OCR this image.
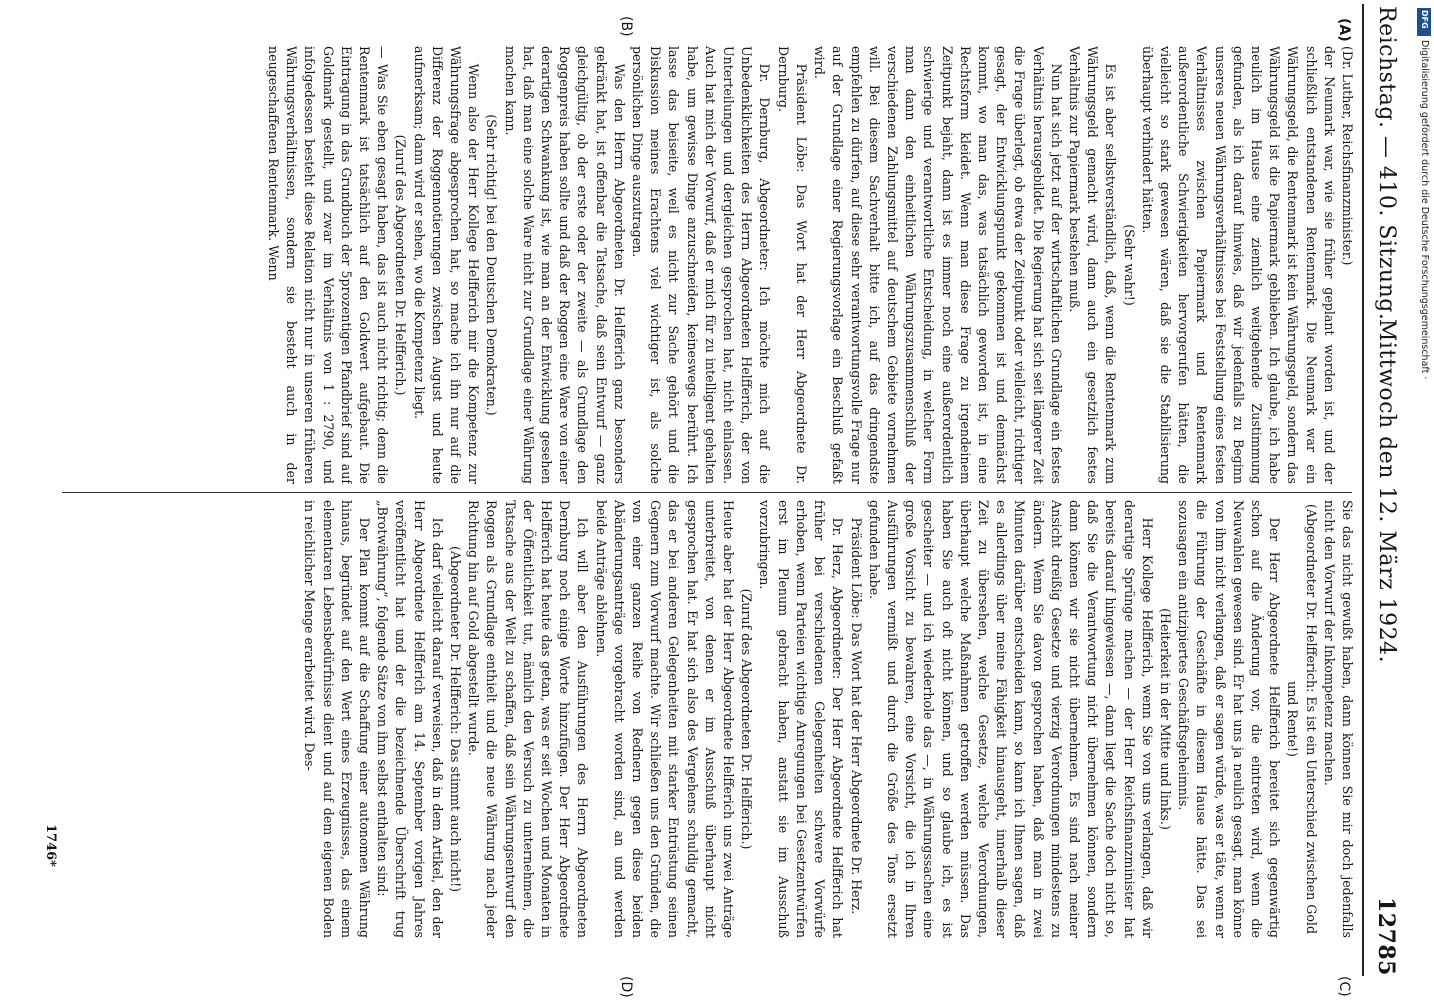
Reichstag. — 410. Sitzung.
Mittwoch den 12. März 1924.
12785
(A)
(B)
(C)
(D)

(Dr. Luther, Reichsfinanzminister.)

der Neumark war, wie sie früher geplant worden ist, und der schließlich entstandenen Rentenmark. Die Neumark war ein Währungsgeld, die Rentenmark ist kein Währungsgeld, sondern das Währungsgeld ist die Papiermark geblieben. Ich glaube, ich habe neulich im Hause eine ziemlich weitgehende Zustimmung gefunden, als ich darauf hinwies, daß wir jedenfalls zu Beginn unseres neuen Währungsverhältnisses bei Feststellung eines festen Verhältnisses zwischen Papiermark und Rentenmark außerordentliche Schwierigkeiten hervorgerufen hätten, die vielleicht so stark gewesen wären, daß sie die Stabilisierung überhaupt verhindert hätten.

(Sehr wahr!)

Es ist aber selbstverständlich, daß, wenn die Rentenmark zum Währungsgeld gemacht wird, dann auch ein gesetzlich festes Verhältnis zur Papiermark bestehen muß.

Nun hat sich jetzt auf der wirtschaftlichen Grundlage ein festes Verhältnis herausgebildet. Die Regierung hat sich seit längerer Zeit die Frage überlegt, ob etwa der Zeitpunkt oder vielleicht, richtiger gesagt, der Entwicklungspunkt gekommen ist und demnächst kommt, wo man das, was tatsächlich geworden ist, in eine Rechtsform kleidet. Wenn man diese Frage zu irgendeinem Zeitpunkt bejaht, dann ist es immer noch eine außerordentlich schwierige und verantwortliche Entscheidung, in welcher Form man dann den einheitlichen Währungszusammenschluß der verschiedenen Zahlungsmittel auf deutschem Gebiete vornehmen will. Bei diesem Sachverhalt bitte ich, auf das dringendste empfehlen zu dürfen, auf diese sehr verantwortungsvolle Frage nur auf der Grundlage einer Regierungsvorlage ein Beschluß gefaßt wird.

Präsident Löbe: Das Wort hat der Herr Abgeordnete Dr. Dernburg.

Dr. Dernburg, Abgeordneter: Ich möchte mich auf die Unbedenklichkeiten des Herrn Abgeordneten Helfferich, der von Unterteilungen und dergleichen gesprochen hat, nicht einlassen. Auch hat mich der Vorwurf, daß er mich für zu intelligent gehalten habe, um gewisse Dinge anzuschneiden, keineswegs berührt. Ich lasse das beiseite, weil es nicht zur Sache gehört und die Diskussion meines Erachtens viel wichtiger ist, als solche persönlichen Dinge auszutragen.

Was den Herrn Abgeordneten Dr. Helfferich ganz besonders gekränkt hat, ist offenbar die Tatsache, daß sein Entwurf — ganz gleichgültig, ob der erste oder der zweite — als Grundlage den Roggenpreis haben sollte und daß der Roggen eine Ware von einer derartigen Schwankung ist, wie man an der Entwicklung gesehen hat, daß man eine solche Ware nicht zur Grundlage einer Währung machen kann.

(Sehr richtig! bei den Deutschen Demokraten.)

Wenn also der Herr Kollege Helfferich mir die Kompetenz zur Währungsfrage abgesprochen hat, so mache ich ihn nur auf die Differenz der Roggennotierungen zwischen August und heute aufmerksam; dann wird er sehen, wo die Kompetenz liegt.

(Zuruf des Abgeordneten Dr. Helfferich.)

— Was Sie eben gesagt haben, das ist auch nicht richtig; denn die Rentenmark ist tatsächlich auf den Goldwert aufgebaut. Die Eintragung in das Grundbuch der 5prozentigen Pfandbrief sind auf Goldmark gestellt, und zwar im Verhältnis von 1 : 2790, und infolgedessen besteht diese Relation nicht nur in unseren früheren Währungsverhältnissen, sondern sie besteht auch in der neugeschaffenen Rentenmark. Wenn

Sie das nicht gewußt haben, dann können Sie mir doch jedenfalls nicht den Vorwurf der Inkompetenz machen.

(Abgeordneter Dr. Helfferich: Es ist ein Unterschied zwischen Gold und Rente!)

Der Herr Abgeordnete Helfferich bereitet sich gegenwärtig schon auf die Änderung vor, die eintreten wird, wenn die Neuwahlen gewesen sind. Er hat uns ja neulich gesagt, man könne von ihm nicht verlangen, daß er sagen würde, was er täte, wenn er die Führung der Geschäfte in diesem Hause hätte. Das sei sozusagen ein antizipiertes Geschäftsgeheimnis.

(Heiterkeit in der Mitte und links.)

Herr Kollege Helfferich, wenn Sie von uns verlangen, daß wir derartige Sprünge machen — der Herr Reichsfinanzminister hat bereits darauf hingewiesen —, dann liegt die Sache doch nicht so, daß Sie die Verantwortung nicht übernehmen können, sondern dann können wir sie nicht übernehmen. Es sind nach meiner Ansicht dreißig Gesetze und vierzig Verordnungen mindestens zu ändern. Wenn Sie davon gesprochen haben, daß man in zwei Minuten darüber entscheiden kann, so kann ich Ihnen sagen, daß es allerdings über meine Fähigkeit hinausgeht, innerhalb dieser Zeit zu übersehen, welche Gesetze, welche Verordnungen, überhaupt welche Maßnahmen getroffen werden müssen. Das haben Sie auch oft nicht können, und so glaube ich, es ist gescheiter — und ich wiederhole das —, in Währungssachen eine große Vorsicht zu bewahren, eine Vorsicht, die ich in Ihren Ausführungen vermißt und durch die Größe des Tons ersetzt gefunden habe.

Präsident Löbe: Das Wort hat der Herr Abgeordnete Dr. Herz.

Dr. Herz, Abgeordneter: Der Herr Abgeordnete Helfferich hat früher bei verschiedenen Gelegenheiten schwere Vorwürfe erhoben, wenn Parteien wichtige Anregungen bei Gesetzentwürfen erst im Plenum gebracht haben, anstatt sie im Ausschuß vorzubringen.

(Zuruf des Abgeordneten Dr. Helfferich.)

Heute aber hat der Herr Abgeordnete Helfferich uns zwei Anträge unterbreitet, von denen er im Ausschuß überhaupt nicht gesprochen hat. Er hat sich also des Vergehens schuldig gemacht, das er bei anderen Gelegenheiten mit starker Entrüstung seinen Gegnern zum Vorwurf machte. Wir schließen uns den Gründen, die von einer ganzen Reihe von Rednern gegen diese beiden Abänderungsanträge vorgebracht worden sind, an und werden beide Anträge ablehnen.

Ich will aber den Ausführungen des Herrn Abgeordneten Dernburg noch einige Worte hinzufügen. Der Herr Abgeordnete Helfferich hat heute das getan, was er seit Wochen und Monaten in der Öffentlichkeit tut, nämlich den Versuch zu unternehmen, die Tatsache aus der Welt zu schaffen, daß sein Währungsentwurf den Roggen als Grundlage enthielt und die neue Währung nach jeder Richtung hin auf Gold abgestellt wurde.

(Abgeordneter Dr. Helfferich: Das stimmt auch nicht!)

Ich darf vielleicht darauf verweisen, daß in dem Artikel, den der Herr Abgeordnete Helfferich am 14. September vorigen Jahres veröffentlicht hat und der die bezeichnende Überschrift trug „Brotwährung“, folgende Sätze von ihm selbst enthalten sind:

Der Plan kommt auf die Schaffung einer autonomen Währung hinaus, begründet auf den Wert eines Erzeugnisses, das einem elementaren Lebensbedürfnisse dient und auf dem eigenen Boden in reichlicher Menge erarbeitet wird. Des-

1746*
DFG
Digitalisierung gefördert durch die Deutsche Forschungsgemeinschaft ·
